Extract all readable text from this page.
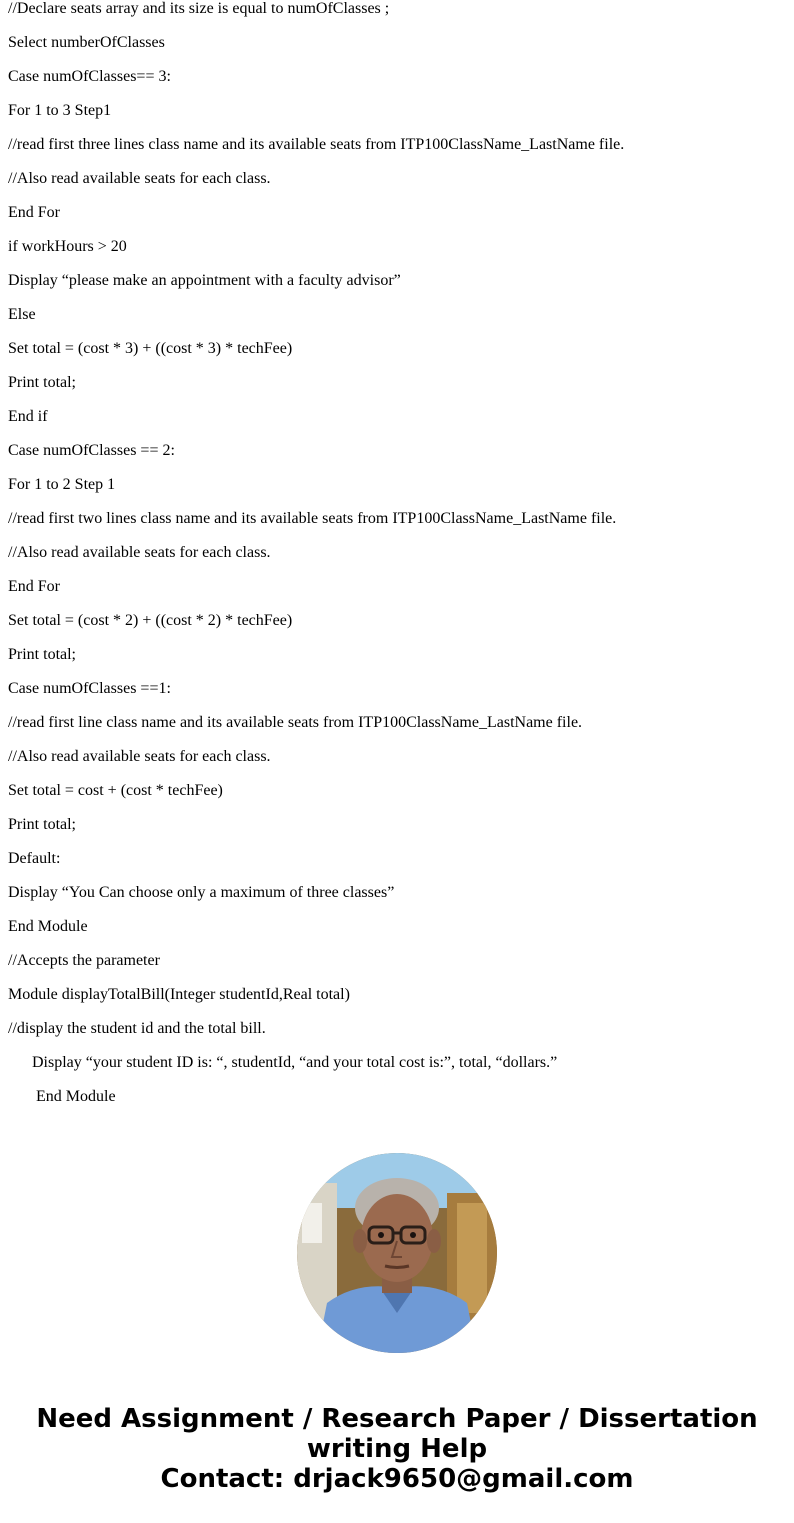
//Declare seats array and its size is equal to numOfClasses ;
Select numberOfClasses
Case numOfClasses== 3:
For 1 to 3 Step1
//read first three lines class name and its available seats from ITP100ClassName_LastName file.
//Also read available seats for each class.
End For
if workHours > 20
Display “please make an appointment with a faculty advisor”
Else
Set total = (cost * 3) + ((cost * 3) * techFee)
Print total;
End if
Case numOfClasses == 2:
For 1 to 2 Step 1
//read first two lines class name and its available seats from ITP100ClassName_LastName file.
//Also read available seats for each class.
End For
Set total = (cost * 2) + ((cost * 2) * techFee)
Print total;
Case numOfClasses ==1:
//read first line class name and its available seats from ITP100ClassName_LastName file.
//Also read available seats for each class.
Set total = cost + (cost * techFee)
Print total;
Default:
Display “You Can choose only a maximum of three classes”
End Module
//Accepts the parameter
Module displayTotalBill(Integer studentId,Real total)
//display the student id and the total bill.
Display “your student ID is: “, studentId, “and your total cost is:”, total, “dollars.”
End Module
Need Assignment / Research Paper / Dissertation
writing Help
Contact: drjack9650@gmail.com
